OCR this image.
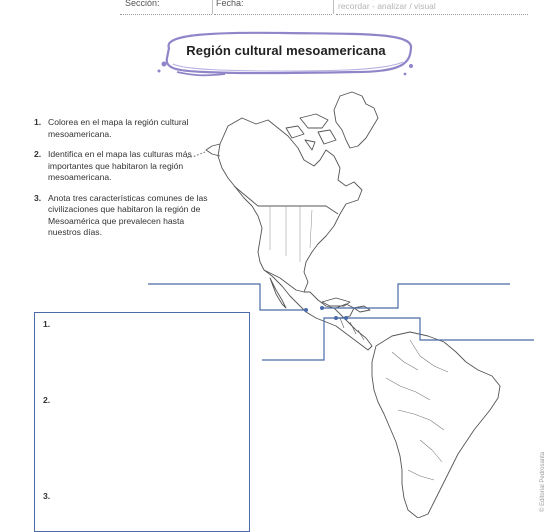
Sección:	Fecha:	recordar - analizar / visual
Región cultural mesoamericana
1. Colorea en el mapa la región cultural mesoamericana.
2. Identifica en el mapa las culturas más importantes que habitaron la región mesoamericana.
3. Anota tres características comunes de las civilizaciones que habitaron la región de Mesoamérica que prevalecen hasta nuestros días.
1.
2.
3.	© Editorial Pedrosanta
